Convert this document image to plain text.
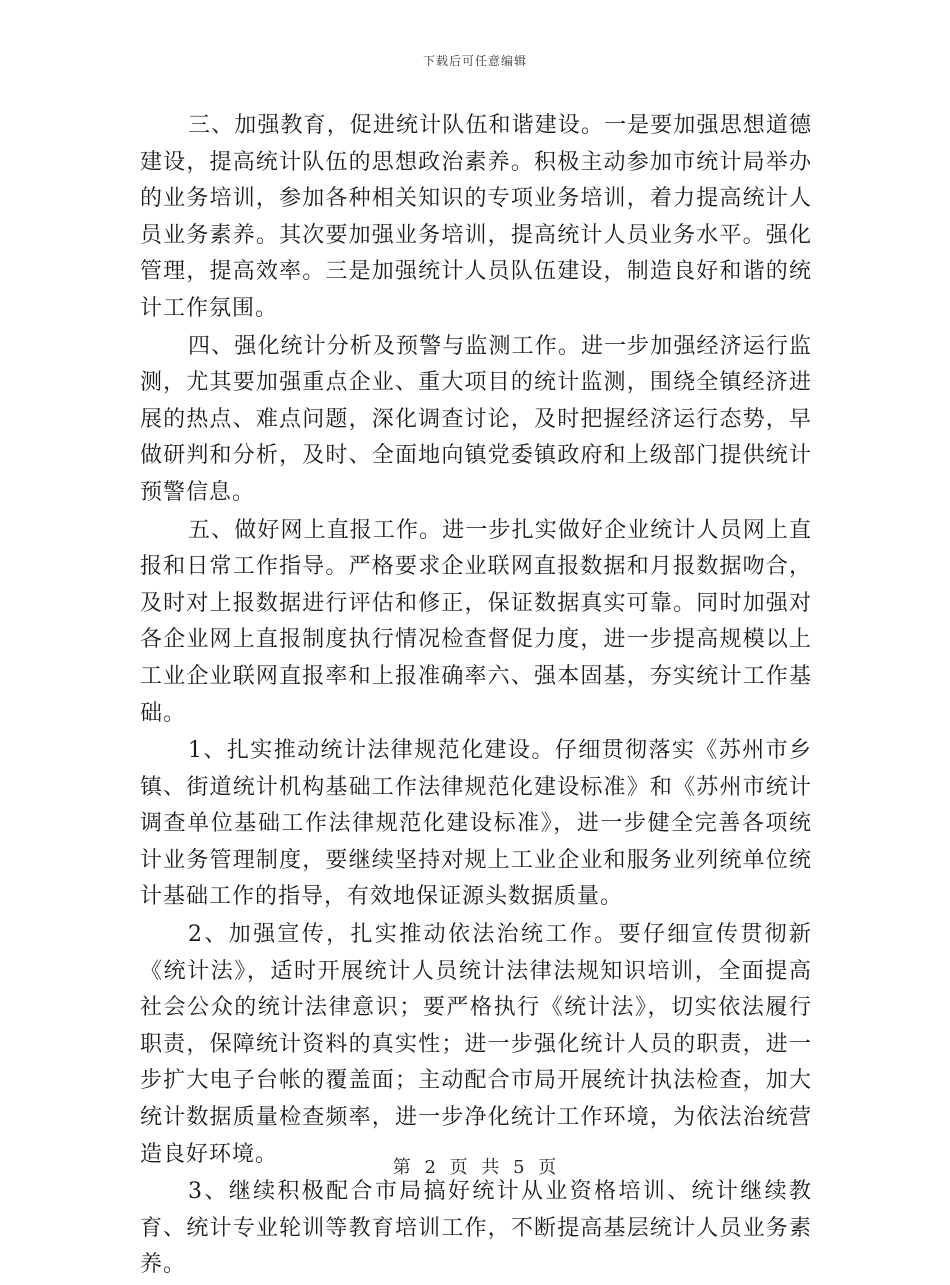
下载后可任意编辑

三、加强教育，促进统计队伍和谐建设。一是要加强思想道德建设，提高统计队伍的思想政治素养。积极主动参加市统计局举办的业务培训，参加各种相关知识的专项业务培训，着力提高统计人员业务素养。其次要加强业务培训，提高统计人员业务水平。强化管理，提高效率。三是加强统计人员队伍建设，制造良好和谐的统计工作氛围。

四、强化统计分析及预警与监测工作。进一步加强经济运行监测，尤其要加强重点企业、重大项目的统计监测，围绕全镇经济进展的热点、难点问题，深化调查讨论，及时把握经济运行态势，早做研判和分析，及时、全面地向镇党委镇政府和上级部门提供统计预警信息。

五、做好网上直报工作。进一步扎实做好企业统计人员网上直报和日常工作指导。严格要求企业联网直报数据和月报数据吻合，及时对上报数据进行评估和修正，保证数据真实可靠。同时加强对各企业网上直报制度执行情况检查督促力度，进一步提高规模以上工业企业联网直报率和上报准确率六、强本固基，夯实统计工作基础。

1、扎实推动统计法律规范化建设。仔细贯彻落实《苏州市乡镇、街道统计机构基础工作法律规范化建设标准》和《苏州市统计调查单位基础工作法律规范化建设标准》，进一步健全完善各项统计业务管理制度，要继续坚持对规上工业企业和服务业列统单位统计基础工作的指导，有效地保证源头数据质量。

2、加强宣传，扎实推动依法治统工作。要仔细宣传贯彻新《统计法》，适时开展统计人员统计法律法规知识培训，全面提高社会公众的统计法律意识；要严格执行《统计法》，切实依法履行职责，保障统计资料的真实性；进一步强化统计人员的职责，进一步扩大电子台帐的覆盖面；主动配合市局开展统计执法检查，加大统计数据质量检查频率，进一步净化统计工作环境，为依法治统营造良好环境。

3、继续积极配合市局搞好统计从业资格培训、统计继续教育、统计专业轮训等教育培训工作，不断提高基层统计人员业务素养。

第 2 页 共 5 页
